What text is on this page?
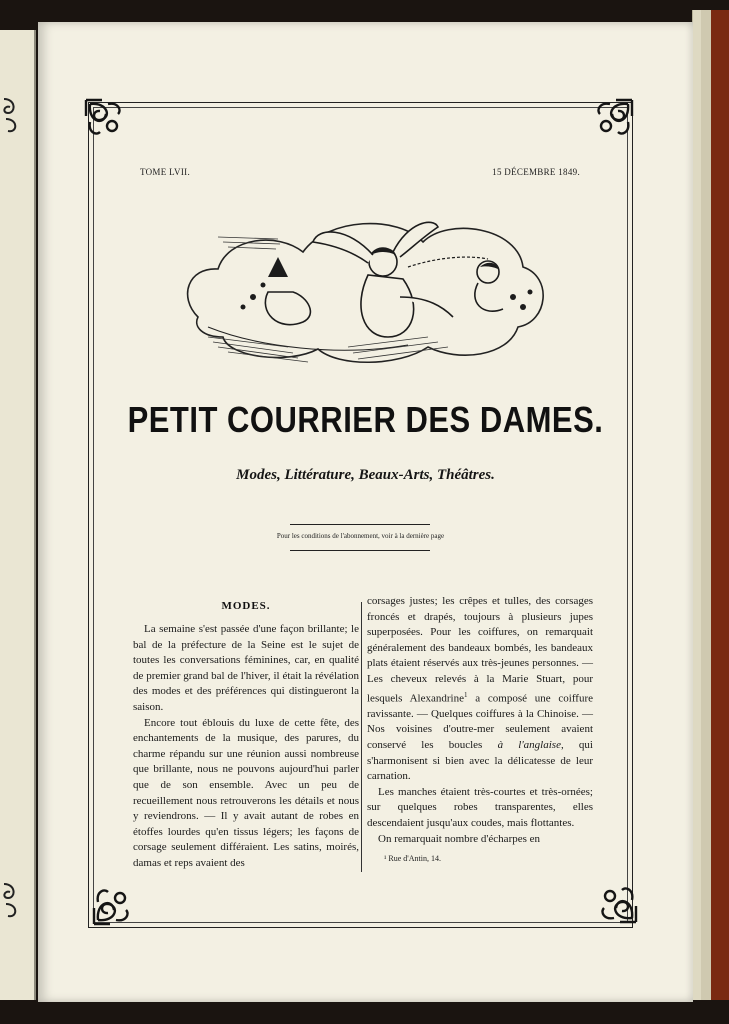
TOME LVII.	15 DÉCEMBRE 1849.
PETIT COURRIER DES DAMES.
Modes, Littérature, Beaux-Arts, Théâtres.
Pour les conditions de l'abonnement, voir à la dernière page
MODES.

La semaine s'est passée d'une façon brillante; le bal de la préfecture de la Seine est le sujet de toutes les conversations féminines, car, en qualité de premier grand bal de l'hiver, il était la révélation des modes et des préférences qui distingueront la saison.

Encore tout éblouis du luxe de cette fête, des enchantements de la musique, des parures, du charme répandu sur une réunion aussi nombreuse que brillante, nous ne pouvons aujourd'hui parler que de son ensemble. Avec un peu de recueillement nous retrouverons les détails et nous y reviendrons. — Il y avait autant de robes en étoffes lourdes qu'en tissus légers; les façons de corsage seulement différaient. Les satins, moirés, damas et reps avaient des

corsages justes; les crêpes et tulles, des corsages froncés et drapés, toujours à plusieurs jupes superposées. Pour les coiffures, on remarquait généralement des bandeaux bombés, les bandeaux plats étaient réservés aux très-jeunes personnes. — Les cheveux relevés à la Marie Stuart, pour lesquels Alexandrine$^1$ a composé une coiffure ravissante. — Quelques coiffures à la Chinoise. — Nos voisines d'outre-mer seulement avaient conservé les boucles à l'anglaise, qui s'harmonisent si bien avec la délicatesse de leur carnation.

Les manches étaient très-courtes et très-ornées; sur quelques robes transparentes, elles descendaient jusqu'aux coudes, mais flottantes.

On remarquait nombre d'écharpes en

¹ Rue d'Antin, 14.
